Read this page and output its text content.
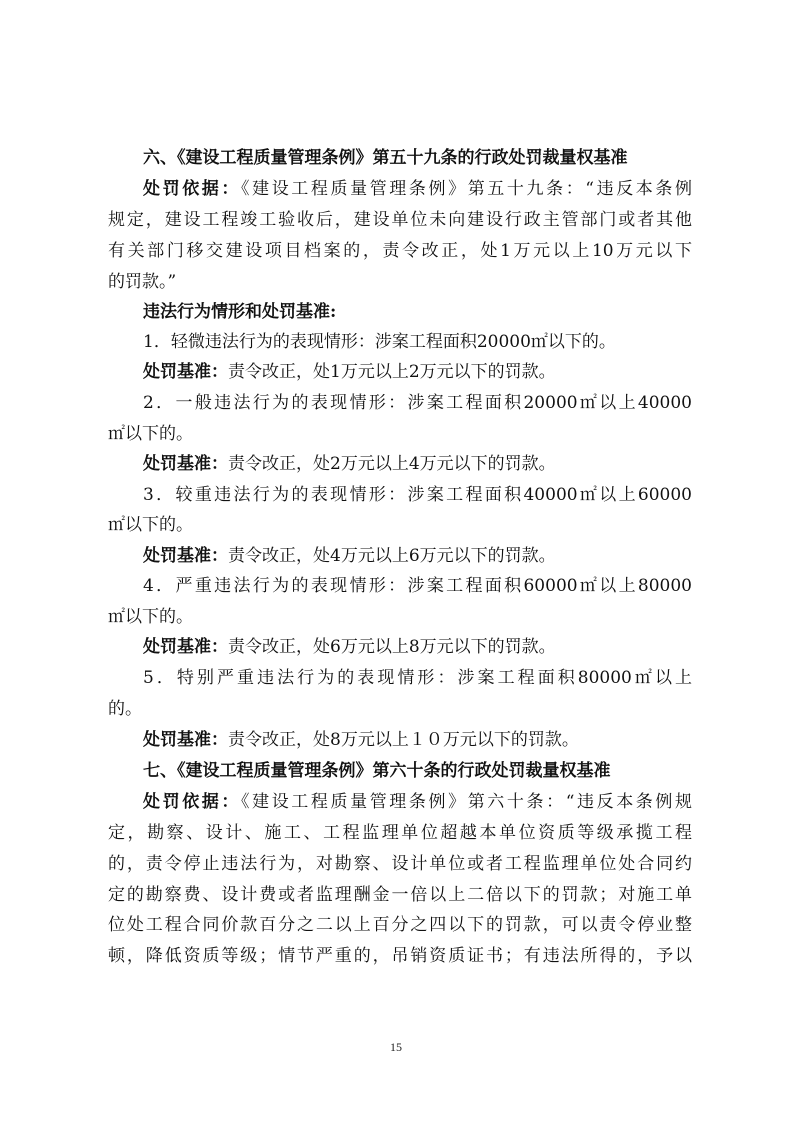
六、《建设工程质量管理条例》第五十九条的行政处罚裁量权基准
处罚依据：《建设工程质量管理条例》第五十九条：“违反本条例
规定，建设工程竣工验收后，建设单位未向建设行政主管部门或者其他
有关部门移交建设项目档案的，责令改正，处1万元以上10万元以下
的罚款。”
违法行为情形和处罚基准:
1．轻微违法行为的表现情形：涉案工程面积20000㎡以下的。
处罚基准：责令改正，处1万元以上2万元以下的罚款。
2．一般违法行为的表现情形：涉案工程面积20000㎡以上40000
㎡以下的。
处罚基准：责令改正，处2万元以上4万元以下的罚款。
3．较重违法行为的表现情形：涉案工程面积40000㎡以上60000
㎡以下的。
处罚基准：责令改正，处4万元以上6万元以下的罚款。
4．严重违法行为的表现情形：涉案工程面积60000㎡以上80000
㎡以下的。
处罚基准：责令改正，处6万元以上8万元以下的罚款。
5．特别严重违法行为的表现情形：涉案工程面积80000㎡以上
的。
处罚基准：责令改正，处8万元以上１０万元以下的罚款。
七、《建设工程质量管理条例》第六十条的行政处罚裁量权基准
处罚依据：《建设工程质量管理条例》第六十条：“违反本条例规
定，勘察、设计、施工、工程监理单位超越本单位资质等级承揽工程
的，责令停止违法行为，对勘察、设计单位或者工程监理单位处合同约
定的勘察费、设计费或者监理酬金一倍以上二倍以下的罚款；对施工单
位处工程合同价款百分之二以上百分之四以下的罚款，可以责令停业整
顿，降低资质等级；情节严重的，吊销资质证书；有违法所得的，予以
15
